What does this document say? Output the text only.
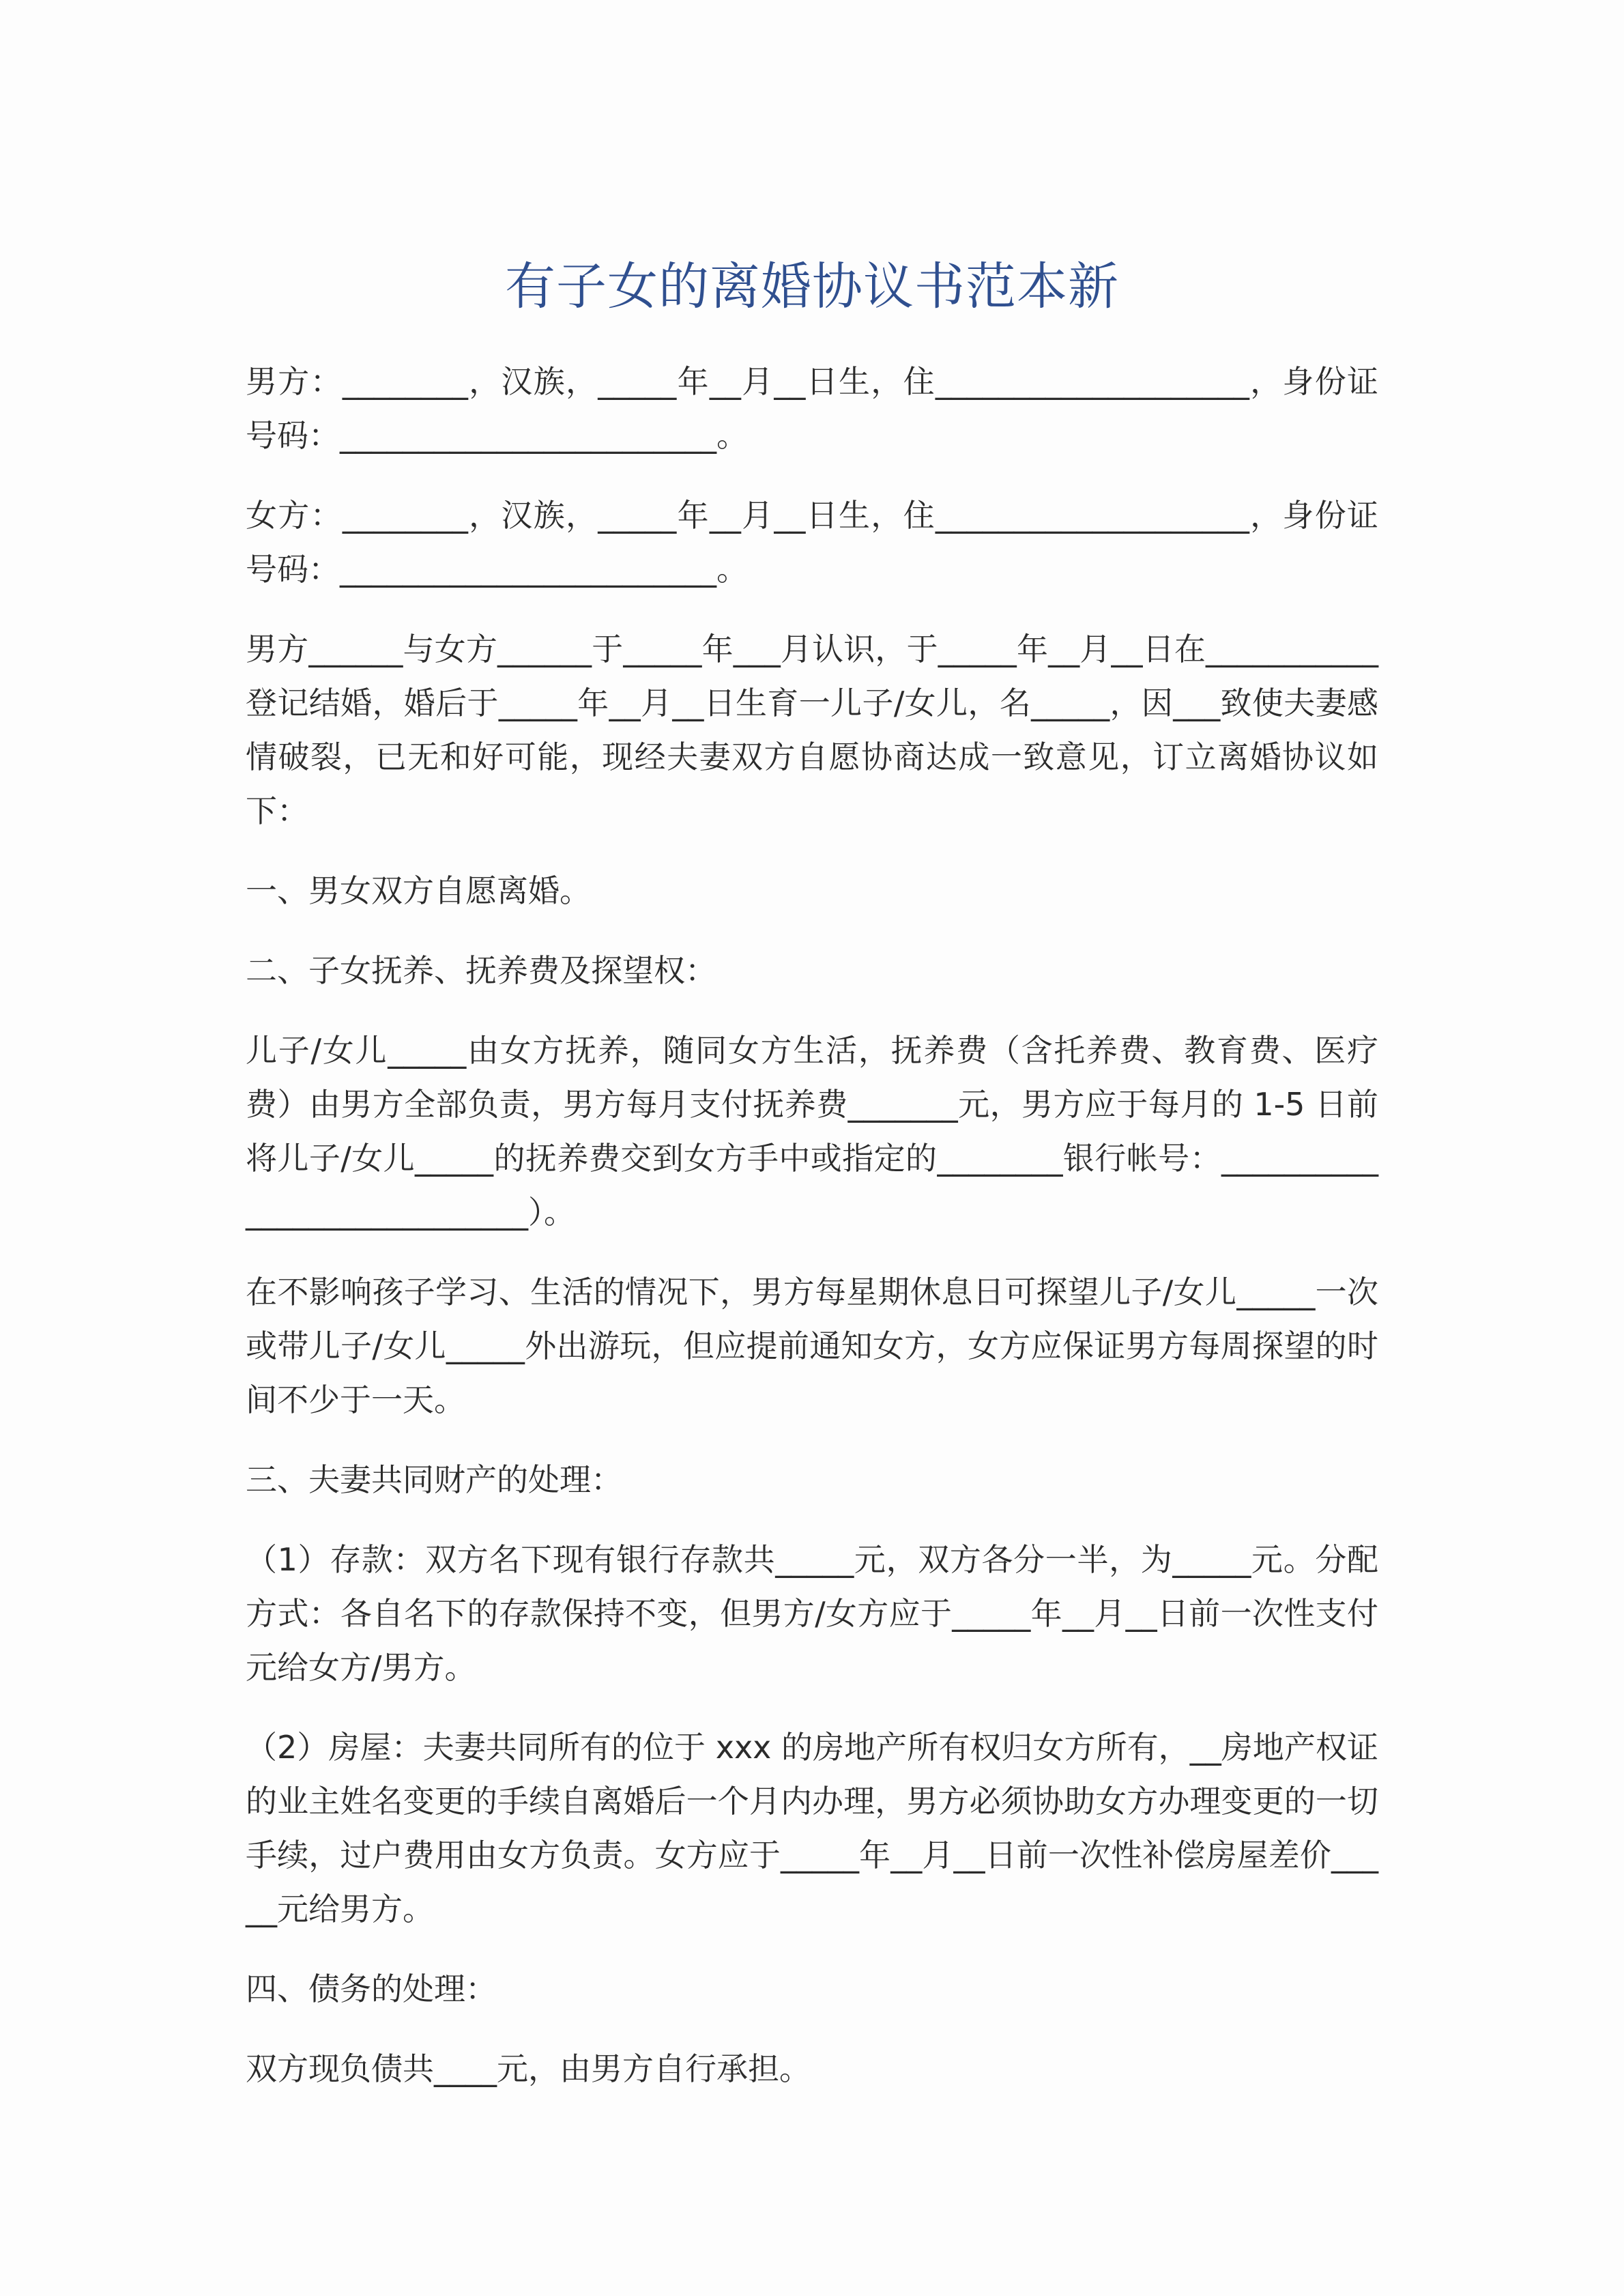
有子女的离婚协议书范本新

男方：________，汉族，_____年__月__日生，住____________________，身份证号码：________________________。

女方：________，汉族，_____年__月__日生，住____________________，身份证号码：________________________。

男方______与女方______于_____年___月认识，于_____年__月__日在___________登记结婚，婚后于_____年__月__日生育一儿子/女儿，名_____，因___致使夫妻感情破裂，已无和好可能，现经夫妻双方自愿协商达成一致意见，订立离婚协议如下：

一、男女双方自愿离婚。

二、子女抚养、抚养费及探望权：

儿子/女儿_____由女方抚养，随同女方生活，抚养费（含托养费、教育费、医疗费）由男方全部负责，男方每月支付抚养费_______元，男方应于每月的 1-5 日前将儿子/女儿_____的抚养费交到女方手中或指定的________银行帐号：____________________________）。

在不影响孩子学习、生活的情况下，男方每星期休息日可探望儿子/女儿_____一次或带儿子/女儿_____外出游玩，但应提前通知女方，女方应保证男方每周探望的时间不少于一天。

三、夫妻共同财产的处理：

（1）存款：双方名下现有银行存款共_____元，双方各分一半，为_____元。分配方式：各自名下的存款保持不变，但男方/女方应于_____年__月__日前一次性支付元给女方/男方。

（2）房屋：夫妻共同所有的位于 xxx 的房地产所有权归女方所有，__房地产权证的业主姓名变更的手续自离婚后一个月内办理，男方必须协助女方办理变更的一切手续，过户费用由女方负责。女方应于_____年__月__日前一次性补偿房屋差价_____元给男方。

四、债务的处理：

双方现负债共____元，由男方自行承担。
